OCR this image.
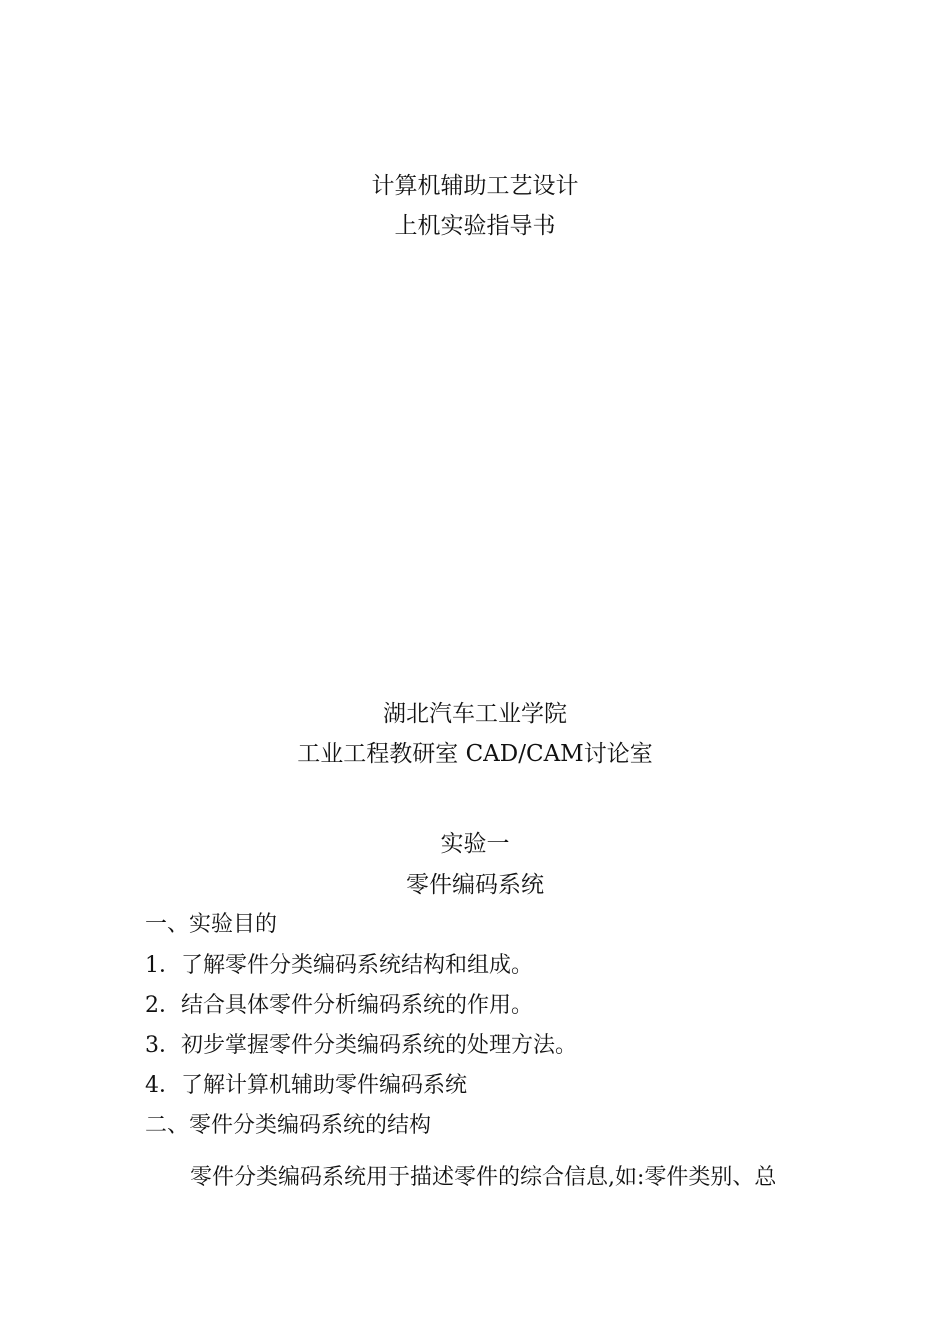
计算机辅助工艺设计
上机实验指导书
湖北汽车工业学院
工业工程教研室 CAD/CAM讨论室
实验一
零件编码系统
一、实验目的
1．了解零件分类编码系统结构和组成。
2．结合具体零件分析编码系统的作用。
3．初步掌握零件分类编码系统的处理方法。
4．了解计算机辅助零件编码系统
二、零件分类编码系统的结构
零件分类编码系统用于描述零件的综合信息,如:零件类别、总
